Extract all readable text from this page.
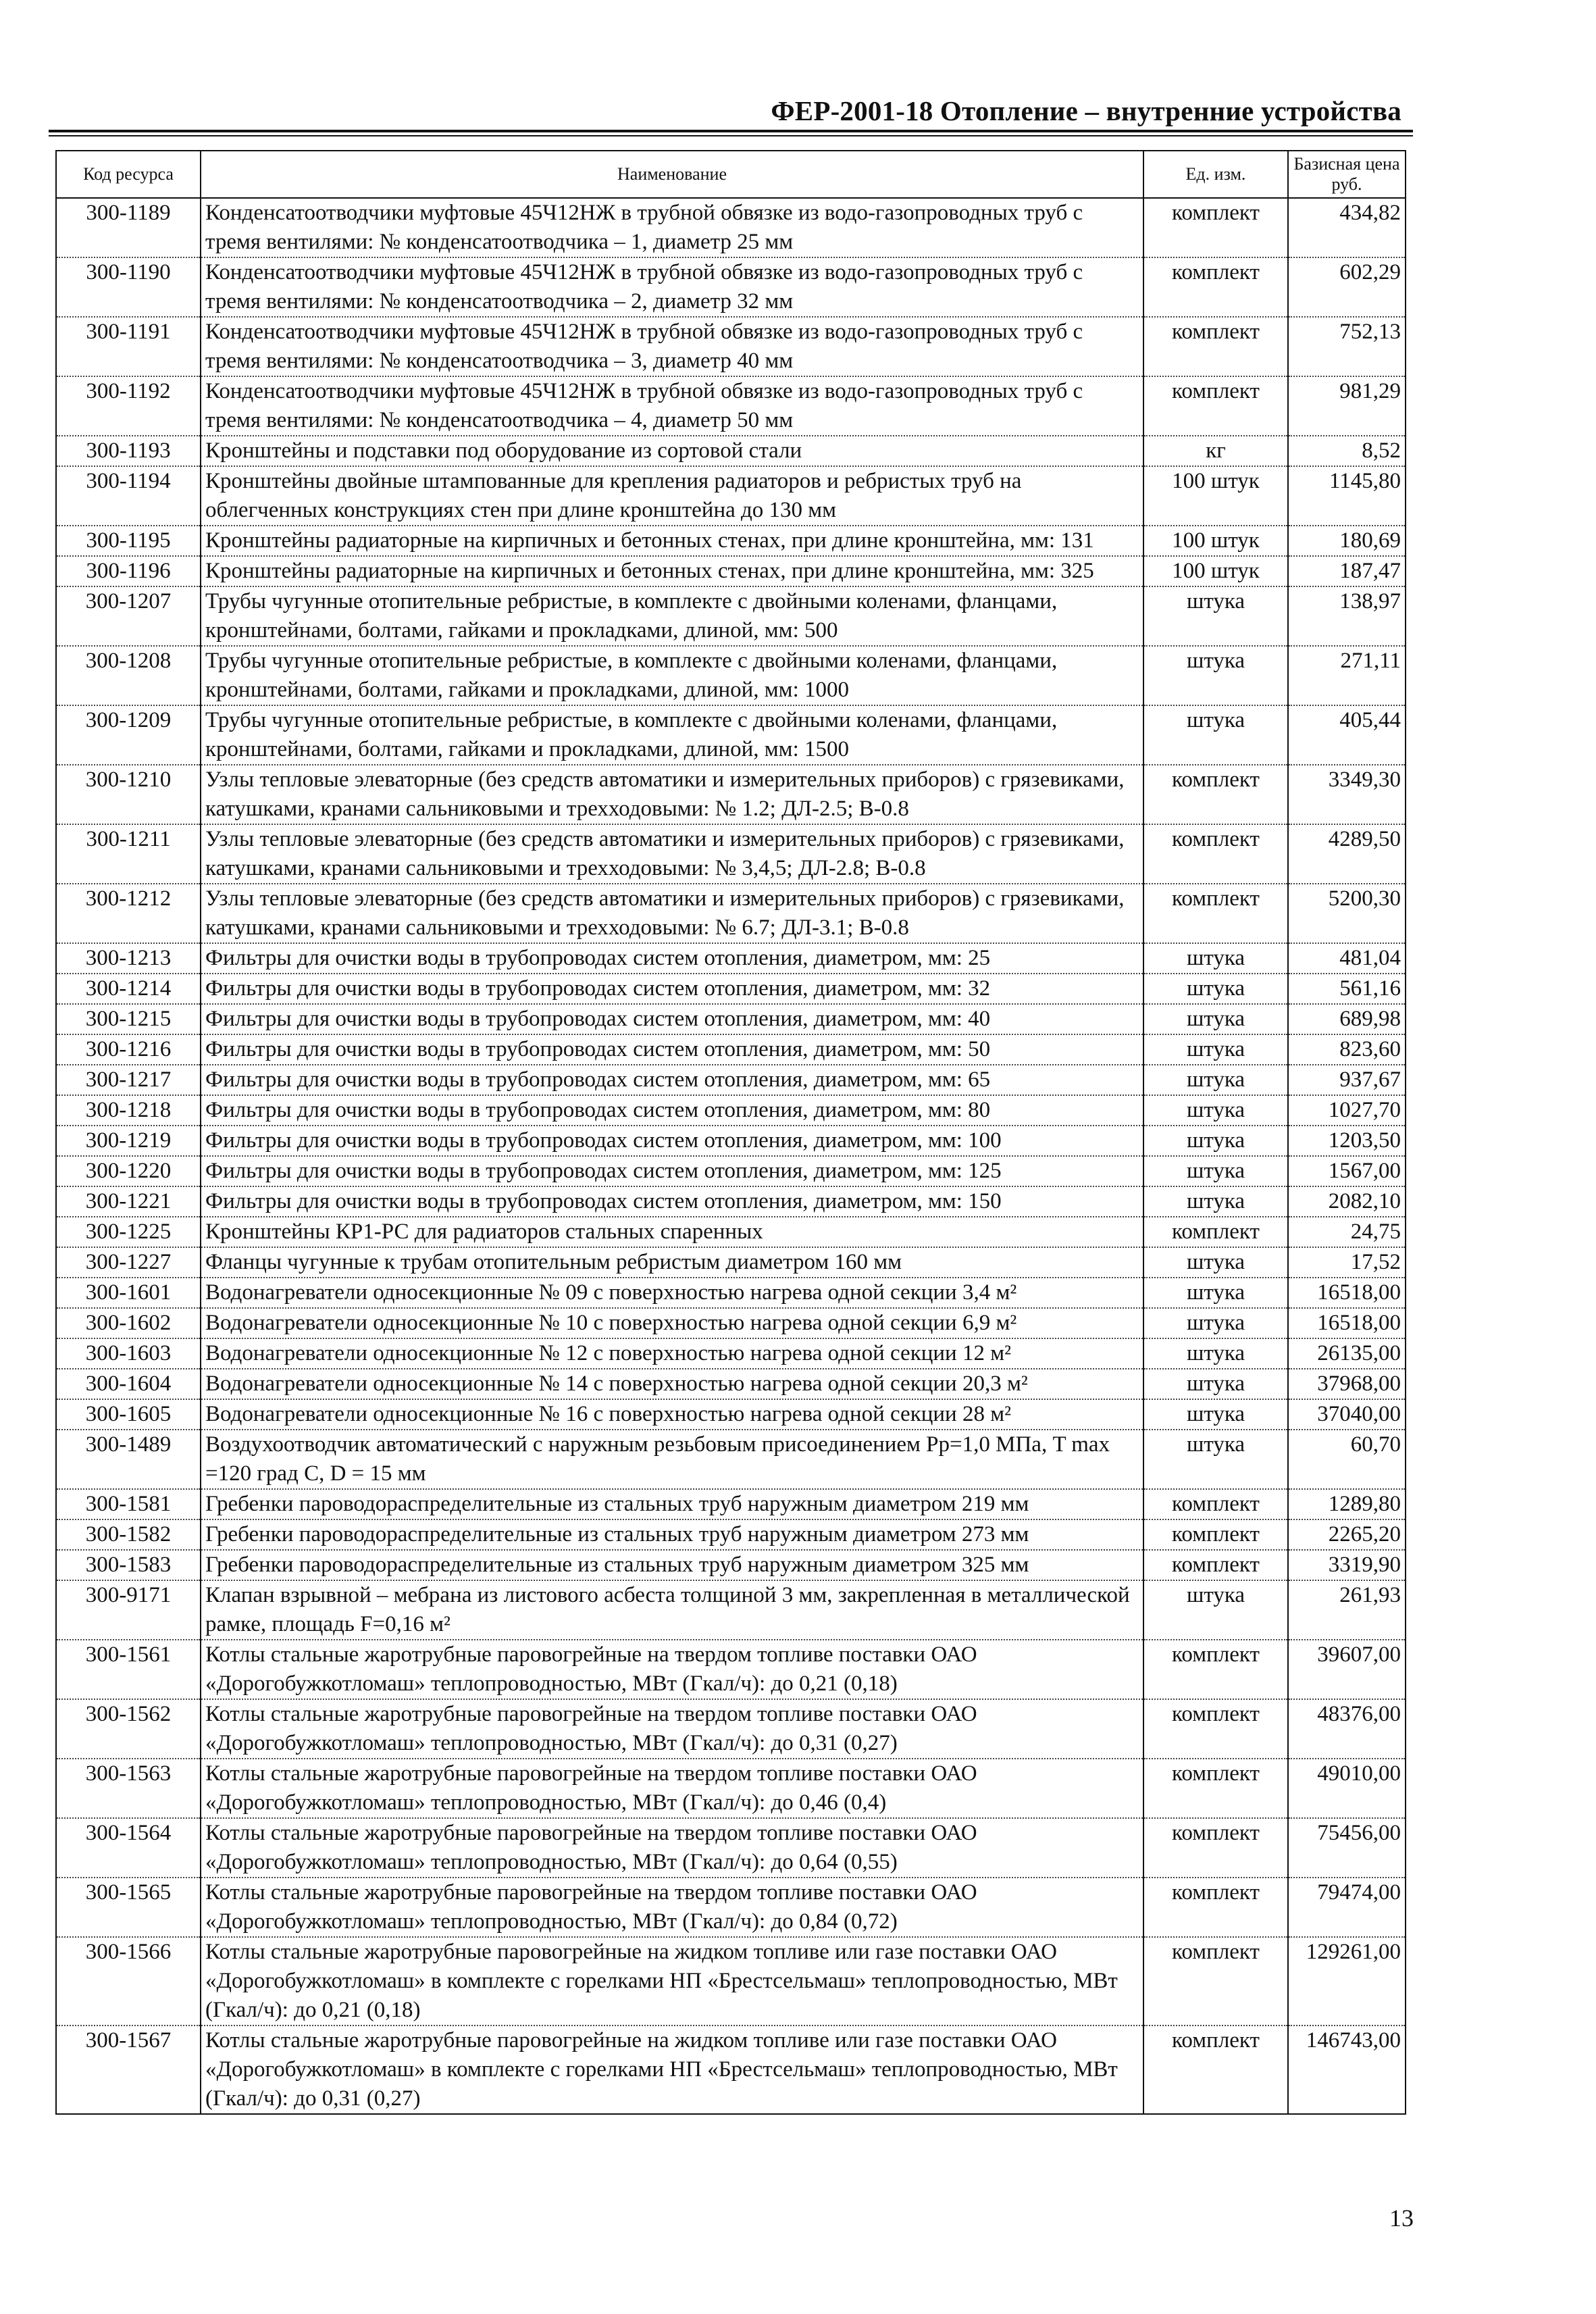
ФЕР-2001-18 Отопление – внутренние устройства
Код ресурса	Наименование	Ед. изм.	Базисная цена руб.
300-1189	Конденсатоотводчики муфтовые 45Ч12НЖ в трубной обвязке из водо-газопроводных труб с тремя вентилями: № конденсатоотводчика – 1, диаметр 25 мм	комплект	434,82
300-1190	Конденсатоотводчики муфтовые 45Ч12НЖ в трубной обвязке из водо-газопроводных труб с тремя вентилями: № конденсатоотводчика – 2, диаметр 32 мм	комплект	602,29
300-1191	Конденсатоотводчики муфтовые 45Ч12НЖ в трубной обвязке из водо-газопроводных труб с тремя вентилями: № конденсатоотводчика – 3, диаметр 40 мм	комплект	752,13
300-1192	Конденсатоотводчики муфтовые 45Ч12НЖ в трубной обвязке из водо-газопроводных труб с тремя вентилями: № конденсатоотводчика – 4, диаметр 50 мм	комплект	981,29
300-1193	Кронштейны и подставки под оборудование из сортовой стали	кг	8,52
300-1194	Кронштейны двойные штампованные для крепления радиаторов и ребристых труб на облегченных конструкциях стен при длине кронштейна до 130 мм	100 штук	1145,80
300-1195	Кронштейны радиаторные на кирпичных и бетонных стенах, при длине кронштейна, мм: 131	100 штук	180,69
300-1196	Кронштейны радиаторные на кирпичных и бетонных стенах, при длине кронштейна, мм: 325	100 штук	187,47
300-1207	Трубы чугунные отопительные ребристые, в комплекте с двойными коленами, фланцами, кронштейнами, болтами, гайками и прокладками, длиной, мм: 500	штука	138,97
300-1208	Трубы чугунные отопительные ребристые, в комплекте с двойными коленами, фланцами, кронштейнами, болтами, гайками и прокладками, длиной, мм: 1000	штука	271,11
300-1209	Трубы чугунные отопительные ребристые, в комплекте с двойными коленами, фланцами, кронштейнами, болтами, гайками и прокладками, длиной, мм: 1500	штука	405,44
300-1210	Узлы тепловые элеваторные (без средств автоматики и измерительных приборов) с грязевиками, катушками, кранами сальниковыми и трехходовыми: № 1.2; ДЛ-2.5; В-0.8	комплект	3349,30
300-1211	Узлы тепловые элеваторные (без средств автоматики и измерительных приборов) с грязевиками, катушками, кранами сальниковыми и трехходовыми: № 3,4,5; ДЛ-2.8; В-0.8	комплект	4289,50
300-1212	Узлы тепловые элеваторные (без средств автоматики и измерительных приборов) с грязевиками, катушками, кранами сальниковыми и трехходовыми: № 6.7; ДЛ-3.1; В-0.8	комплект	5200,30
300-1213	Фильтры для очистки воды в трубопроводах систем отопления, диаметром, мм: 25	штука	481,04
300-1214	Фильтры для очистки воды в трубопроводах систем отопления, диаметром, мм: 32	штука	561,16
300-1215	Фильтры для очистки воды в трубопроводах систем отопления, диаметром, мм: 40	штука	689,98
300-1216	Фильтры для очистки воды в трубопроводах систем отопления, диаметром, мм: 50	штука	823,60
300-1217	Фильтры для очистки воды в трубопроводах систем отопления, диаметром, мм: 65	штука	937,67
300-1218	Фильтры для очистки воды в трубопроводах систем отопления, диаметром, мм: 80	штука	1027,70
300-1219	Фильтры для очистки воды в трубопроводах систем отопления, диаметром, мм: 100	штука	1203,50
300-1220	Фильтры для очистки воды в трубопроводах систем отопления, диаметром, мм: 125	штука	1567,00
300-1221	Фильтры для очистки воды в трубопроводах систем отопления, диаметром, мм: 150	штука	2082,10
300-1225	Кронштейны КР1-РС для радиаторов стальных спаренных	комплект	24,75
300-1227	Фланцы чугунные к трубам отопительным ребристым диаметром 160 мм	штука	17,52
300-1601	Водонагреватели односекционные № 09 с поверхностью нагрева одной секции 3,4 м²	штука	16518,00
300-1602	Водонагреватели односекционные № 10 с поверхностью нагрева одной секции 6,9 м²	штука	16518,00
300-1603	Водонагреватели односекционные № 12 с поверхностью нагрева одной секции 12 м²	штука	26135,00
300-1604	Водонагреватели односекционные № 14 с поверхностью нагрева одной секции 20,3 м²	штука	37968,00
300-1605	Водонагреватели односекционные № 16 с поверхностью нагрева одной секции 28 м²	штука	37040,00
300-1489	Воздухоотводчик автоматический с наружным резьбовым присоединением Рр=1,0 МПа, T max =120 град С, D = 15 мм	штука	60,70
300-1581	Гребенки пароводораспределительные из стальных труб наружным диаметром 219 мм	комплект	1289,80
300-1582	Гребенки пароводораспределительные из стальных труб наружным диаметром 273 мм	комплект	2265,20
300-1583	Гребенки пароводораспределительные из стальных труб наружным диаметром 325 мм	комплект	3319,90
300-9171	Клапан взрывной – мебрана из листового асбеста толщиной 3 мм, закрепленная в металлической рамке, площадь F=0,16 м²	штука	261,93
300-1561	Котлы стальные жаротрубные паровогрейные на твердом топливе поставки ОАО «Дорогобужкотломаш» теплопроводностью, МВт (Гкал/ч): до 0,21 (0,18)	комплект	39607,00
300-1562	Котлы стальные жаротрубные паровогрейные на твердом топливе поставки ОАО «Дорогобужкотломаш» теплопроводностью, МВт (Гкал/ч): до 0,31 (0,27)	комплект	48376,00
300-1563	Котлы стальные жаротрубные паровогрейные на твердом топливе поставки ОАО «Дорогобужкотломаш» теплопроводностью, МВт (Гкал/ч): до 0,46 (0,4)	комплект	49010,00
300-1564	Котлы стальные жаротрубные паровогрейные на твердом топливе поставки ОАО «Дорогобужкотломаш» теплопроводностью, МВт (Гкал/ч): до 0,64 (0,55)	комплект	75456,00
300-1565	Котлы стальные жаротрубные паровогрейные на твердом топливе поставки ОАО «Дорогобужкотломаш» теплопроводностью, МВт (Гкал/ч): до 0,84 (0,72)	комплект	79474,00
300-1566	Котлы стальные жаротрубные паровогрейные на жидком топливе или газе поставки ОАО «Дорогобужкотломаш» в комплекте с горелками НП «Брестсельмаш» теплопроводностью, МВт (Гкал/ч): до 0,21 (0,18)	комплект	129261,00
300-1567	Котлы стальные жаротрубные паровогрейные на жидком топливе или газе поставки ОАО «Дорогобужкотломаш» в комплекте с горелками НП «Брестсельмаш» теплопроводностью, МВт (Гкал/ч): до 0,31 (0,27)	комплект	146743,00
13
